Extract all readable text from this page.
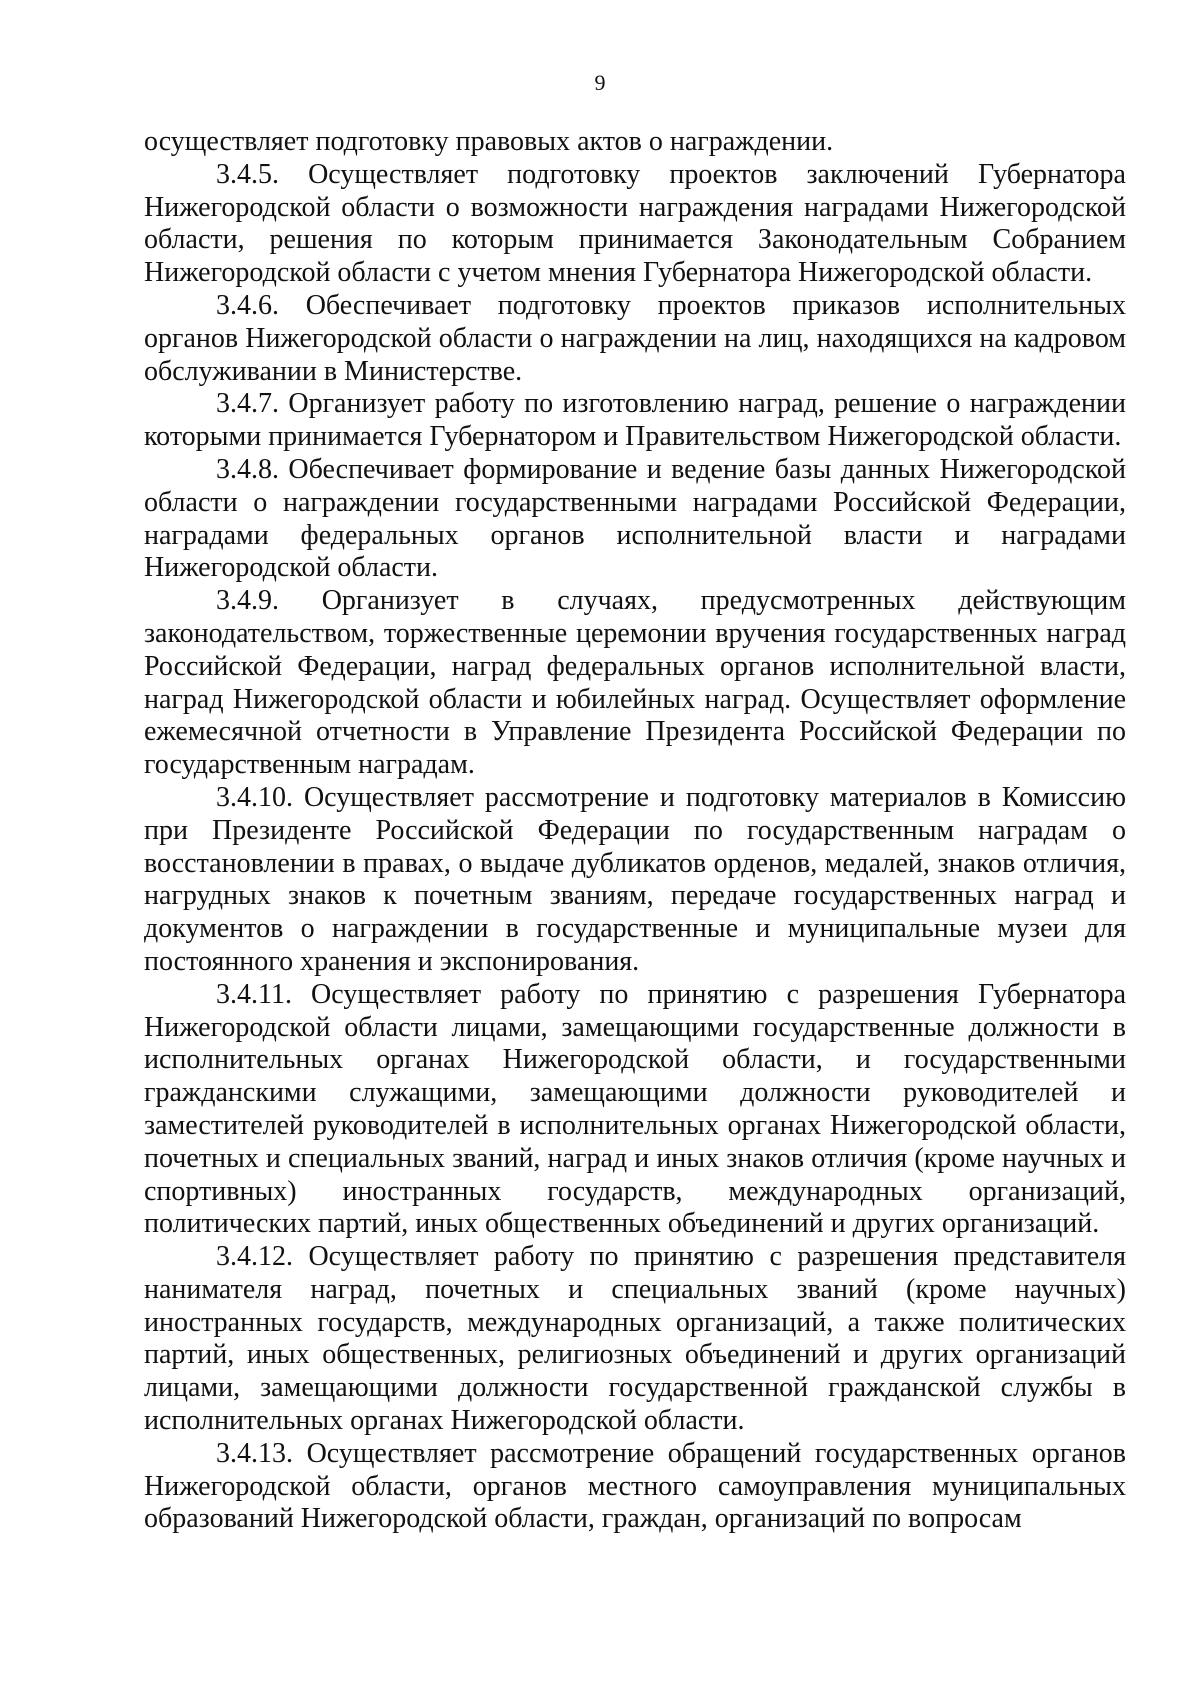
9

осуществляет подготовку правовых актов о награждении.

3.4.5. Осуществляет подготовку проектов заключений Губернатора Нижегородской области о возможности награждения наградами Нижегородской области, решения по которым принимается Законодательным Собранием Нижегородской области с учетом мнения Губернатора Нижегородской области.

3.4.6. Обеспечивает подготовку проектов приказов исполнительных органов Нижегородской области о награждении на лиц, находящихся на кадровом обслуживании в Министерстве.

3.4.7. Организует работу по изготовлению наград, решение о награждении которыми принимается Губернатором и Правительством Нижегородской области.

3.4.8. Обеспечивает формирование и ведение базы данных Нижегородской области о награждении государственными наградами Российской Федерации, наградами федеральных органов исполнительной власти и наградами Нижегородской области.

3.4.9. Организует в случаях, предусмотренных действующим законодательством, торжественные церемонии вручения государственных наград Российской Федерации, наград федеральных органов исполнительной власти, наград Нижегородской области и юбилейных наград. Осуществляет оформление ежемесячной отчетности в Управление Президента Российской Федерации по государственным наградам.

3.4.10. Осуществляет рассмотрение и подготовку материалов в Комиссию при Президенте Российской Федерации по государственным наградам о восстановлении в правах, о выдаче дубликатов орденов, медалей, знаков отличия, нагрудных знаков к почетным званиям, передаче государственных наград и документов о награждении в государственные и муниципальные музеи для постоянного хранения и экспонирования.

3.4.11. Осуществляет работу по принятию с разрешения Губернатора Нижегородской области лицами, замещающими государственные должности в исполнительных органах Нижегородской области, и государственными гражданскими служащими, замещающими должности руководителей и заместителей руководителей в исполнительных органах Нижегородской области, почетных и специальных званий, наград и иных знаков отличия (кроме научных и спортивных) иностранных государств, международных организаций, политических партий, иных общественных объединений и других организаций.

3.4.12. Осуществляет работу по принятию с разрешения представителя нанимателя наград, почетных и специальных званий (кроме научных) иностранных государств, международных организаций, а также политических партий, иных общественных, религиозных объединений и других организаций лицами, замещающими должности государственной гражданской службы в исполнительных органах Нижегородской области.

3.4.13. Осуществляет рассмотрение обращений государственных органов Нижегородской области, органов местного самоуправления муниципальных образований Нижегородской области, граждан, организаций по вопросам
